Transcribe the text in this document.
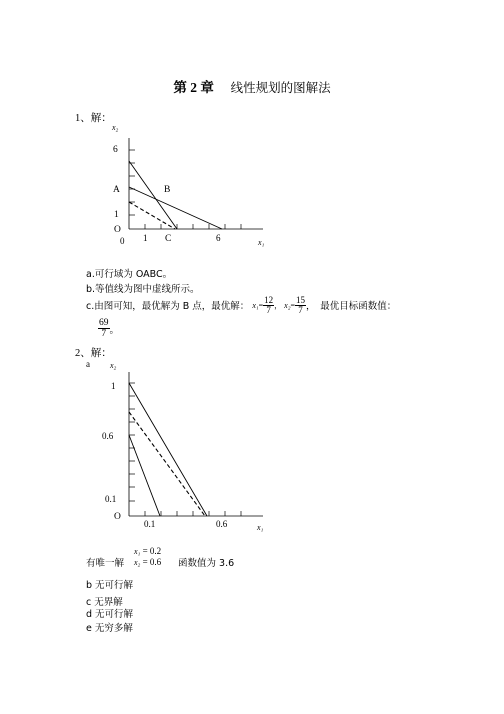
第 2 章 线性规划的图解法
1、解：
x₂
6
A	B
1
O
0 1 C	6	x₁
a.可行域为 OABC。
b.等值线为图中虚线所示。
c.由图可知，最优解为 B 点，最优解： $x_1 = \frac{12}{7}$ ， $x_2 = \frac{15}{7}$ ，　最优目标函数值：
$\frac{69}{7}$ 。
2、解：
a	x₂
1
0.6
0.1
O
0.1	0.6	x₁
有唯一解
x₁ = 0.2
x₂ = 0.6 函数值为 3.6
b 无可行解
c 无界解
d 无可行解
e 无穷多解
